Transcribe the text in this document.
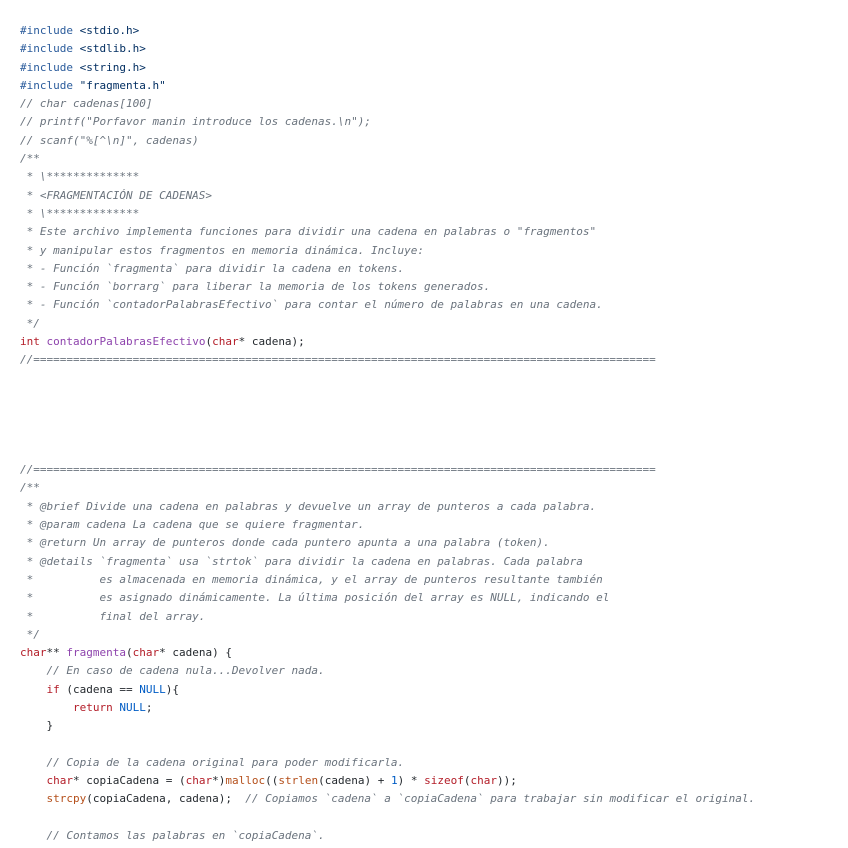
#include <stdio.h>
#include <stdlib.h>
#include <string.h>
#include "fragmenta.h"
// char cadenas[100]
// printf("Porfavor manin introduce los cadenas.\n");
// scanf("%[^\n]", cadenas)
/**
* \**************
* <FRAGMENTACIÓN DE CADENAS>
* \**************
* Este archivo implementa funciones para dividir una cadena en palabras o "fragmentos"
* y manipular estos fragmentos en memoria dinámica. Incluye:
* - Función `fragmenta` para dividir la cadena en tokens.
* - Función `borrarg` para liberar la memoria de los tokens generados.
* - Función `contadorPalabrasEfectivo` para contar el número de palabras en una cadena.
*/
int contadorPalabrasEfectivo(char* cadena);
//==============================================================================================
//==============================================================================================
/**
* @brief Divide una cadena en palabras y devuelve un array de punteros a cada palabra.
* @param cadena La cadena que se quiere fragmentar.
* @return Un array de punteros donde cada puntero apunta a una palabra (token).
* @details `fragmenta` usa `strtok` para dividir la cadena en palabras. Cada palabra
*          es almacenada en memoria dinámica, y el array de punteros resultante también
*          es asignado dinámicamente. La última posición del array es NULL, indicando el
*          final del array.
*/
char** fragmenta(char* cadena) {
// En caso de cadena nula...Devolver nada.
if (cadena == NULL){
return NULL;
}
// Copia de la cadena original para poder modificarla.
char* copiaCadena = (char*)malloc((strlen(cadena) + 1) * sizeof(char));
strcpy(copiaCadena, cadena);  // Copiamos `cadena` a `copiaCadena` para trabajar sin modificar el original.
// Contamos las palabras en `copiaCadena`.
